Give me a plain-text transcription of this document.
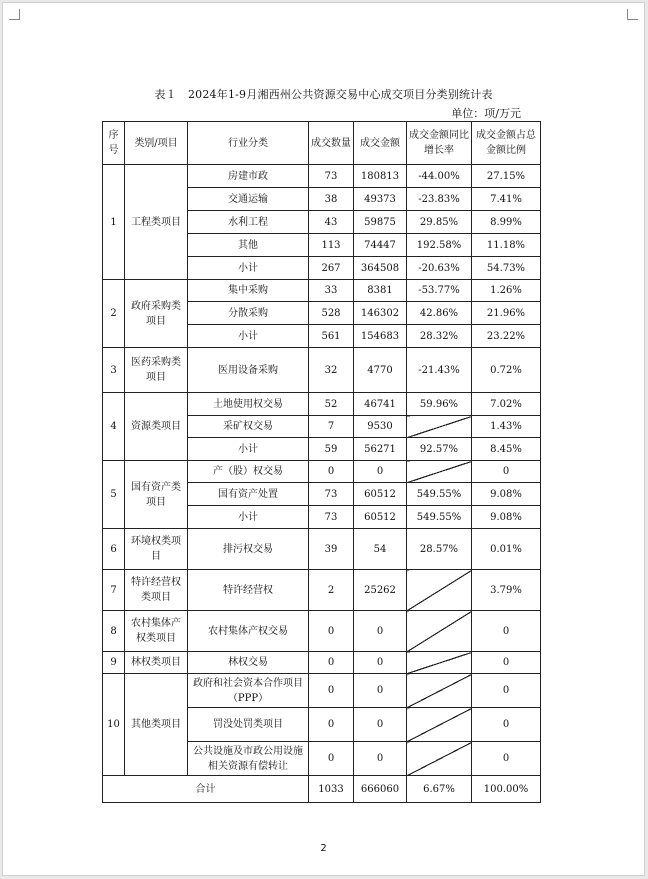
表１　2024年1-9月湘西州公共资源交易中心成交项目分类别统计表
单位：项/万元
序号	类别/项目	行业分类	成交数量	成交金额	成交金额同比增长率	成交金额占总金额比例
1	工程类项目	房建市政	73	180813	-44.00%	27.15%
		交通运输	38	49373	-23.83%	7.41%
		水利工程	43	59875	29.85%	8.99%
		其他	113	74447	192.58%	11.18%
		小计	267	364508	-20.63%	54.73%
2	政府采购类项目	集中采购	33	8381	-53.77%	1.26%
		分散采购	528	146302	42.86%	21.96%
		小计	561	154683	28.32%	23.22%
3	医药采购类项目	医用设备采购	32	4770	-21.43%	0.72%
4	资源类项目	土地使用权交易	52	46741	59.96%	7.02%
		采矿权交易	7	9530		1.43%
		小计	59	56271	92.57%	8.45%
5	国有资产类项目	产（股）权交易	0	0		0
		国有资产处置	73	60512	549.55%	9.08%
		小计	73	60512	549.55%	9.08%
6	环境权类项目	排污权交易	39	54	28.57%	0.01%
7	特许经营权类项目	特许经营权	2	25262		3.79%
8	农村集体产权类项目	农村集体产权交易	0	0		0
9	林权类项目	林权交易	0	0		0
10	其他类项目	政府和社会资本合作项目（PPP）	0	0		0
		罚没处罚类项目	0	0		0
		公共设施及市政公用设施相关资源有偿转让	0	0		0
合计			1033	666060	6.67%	100.00%
2
